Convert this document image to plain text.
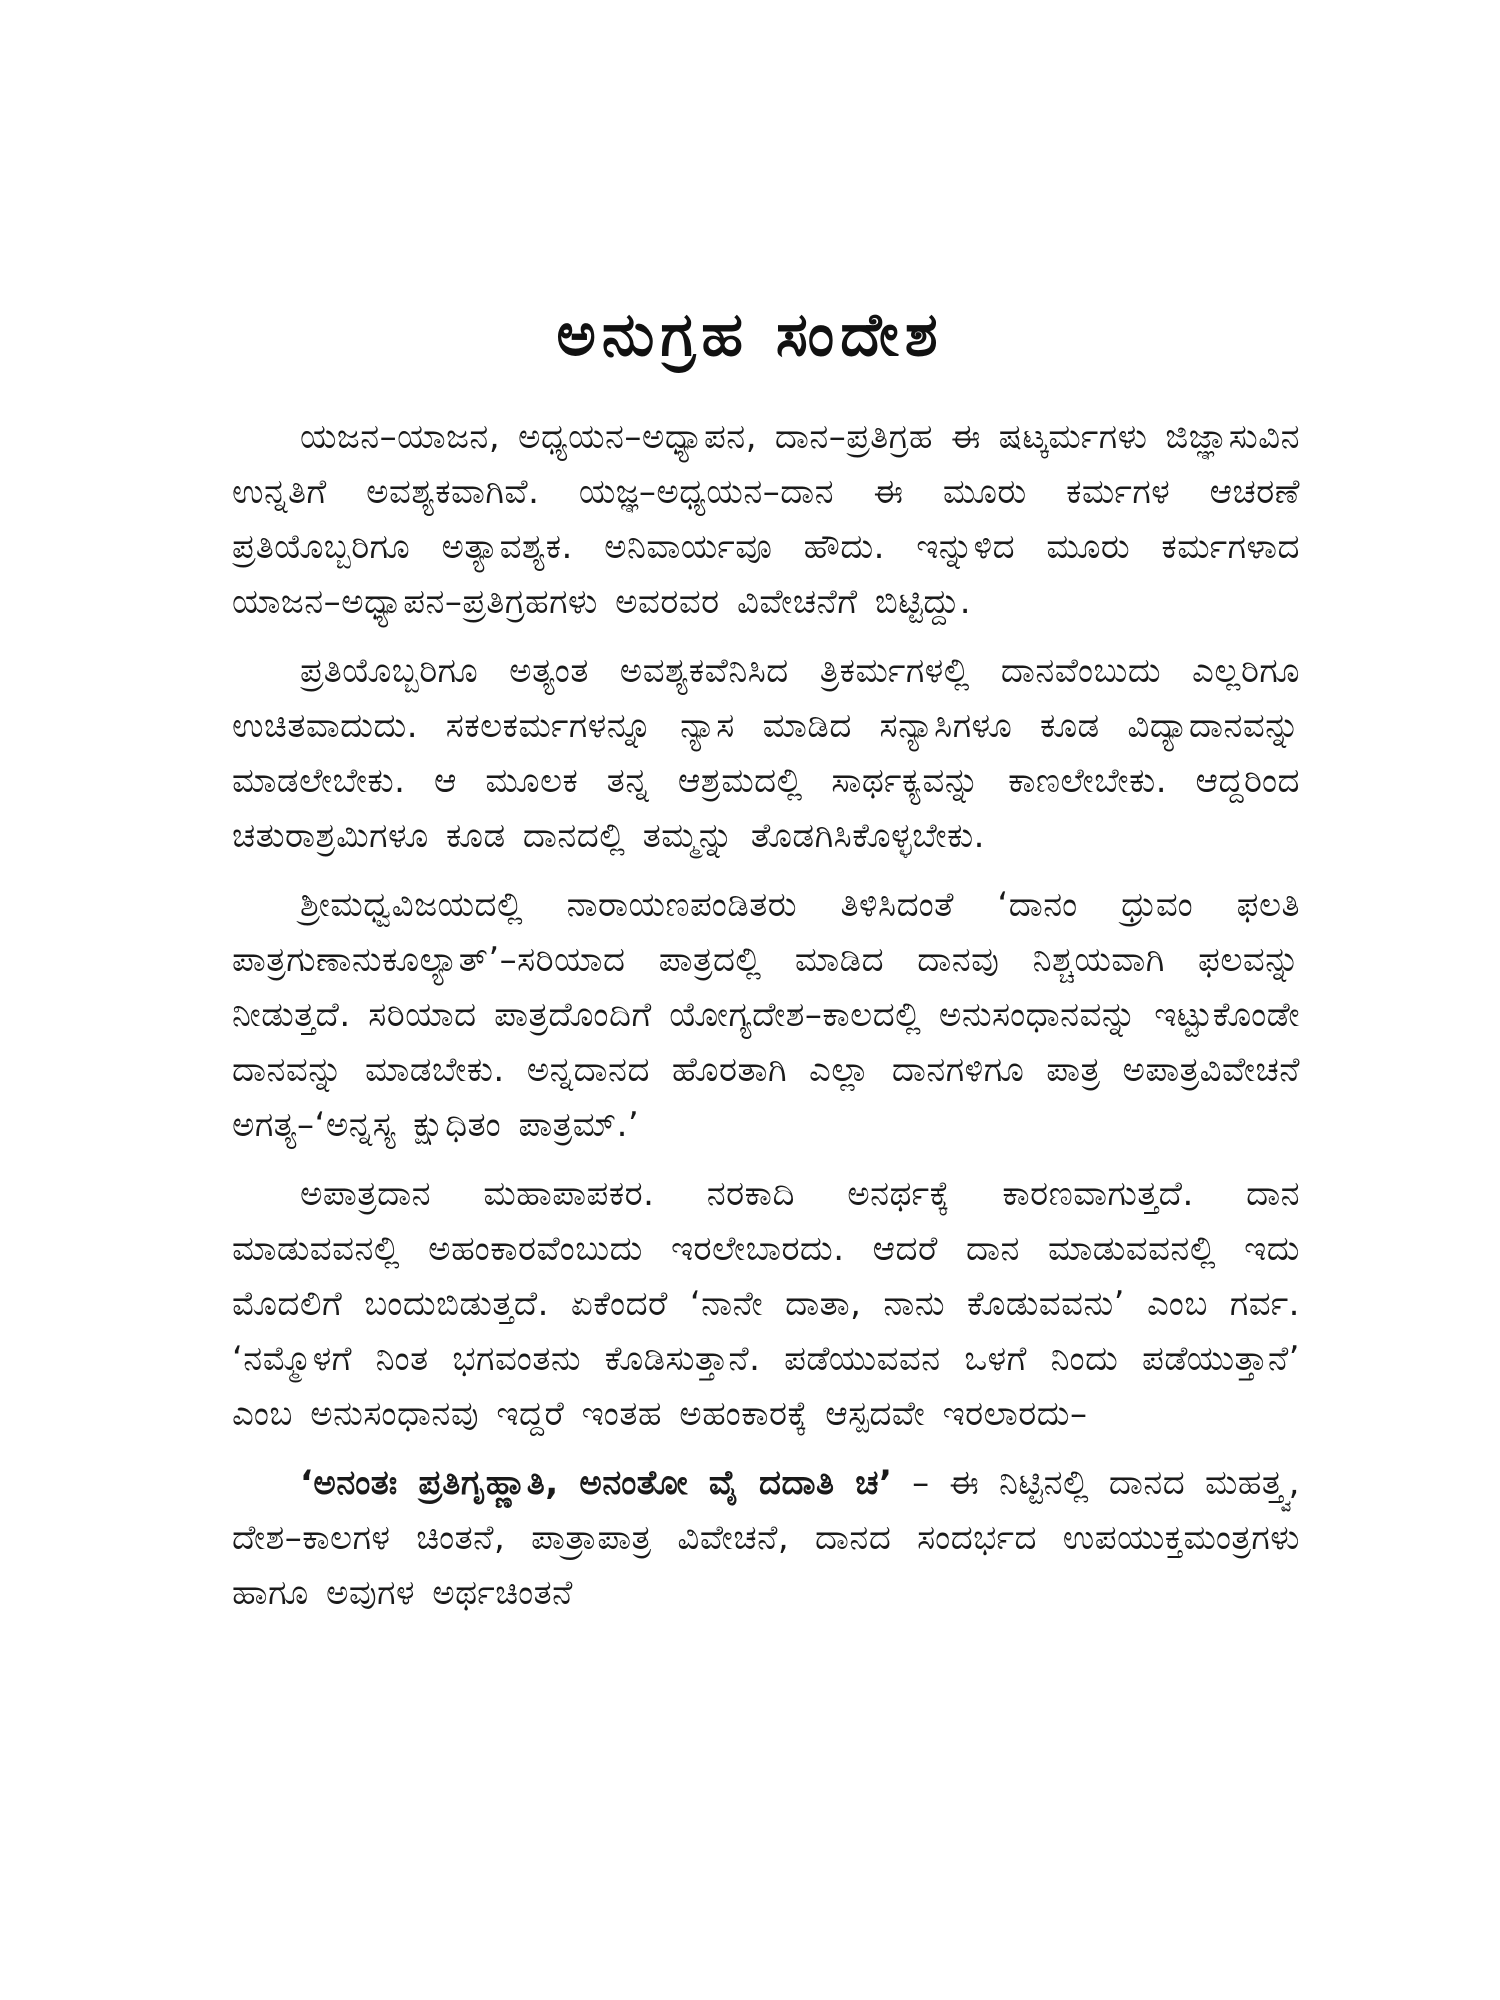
ಅನುಗ್ರಹ ಸಂದೇಶ

ಯಜನ–ಯಾಜನ, ಅಧ್ಯಯನ–ಅಧ್ಯಾಪನ, ದಾನ–ಪ್ರತಿಗ್ರಹ ಈ ಷಟ್ಕರ್ಮಗಳು ಜಿಜ್ಞಾಸುವಿನ ಉನ್ನತಿಗೆ ಅವಶ್ಯಕವಾಗಿವೆ. ಯಜ್ಞ–ಅಧ್ಯಯನ–ದಾನ ಈ ಮೂರು ಕರ್ಮಗಳ ಆಚರಣೆ ಪ್ರತಿಯೊಬ್ಬರಿಗೂ ಅತ್ಯಾವಶ್ಯಕ. ಅನಿವಾರ್ಯವೂ ಹೌದು. ಇನ್ನುಳಿದ ಮೂರು ಕರ್ಮಗಳಾದ ಯಾಜನ–ಅಧ್ಯಾಪನ–ಪ್ರತಿಗ್ರಹಗಳು ಅವರವರ ವಿವೇಚನೆಗೆ ಬಿಟ್ಟಿದ್ದು.

ಪ್ರತಿಯೊಬ್ಬರಿಗೂ ಅತ್ಯಂತ ಅವಶ್ಯಕವೆನಿಸಿದ ತ್ರಿಕರ್ಮಗಳಲ್ಲಿ ದಾನವೆಂಬುದು ಎಲ್ಲರಿಗೂ ಉಚಿತವಾದುದು. ಸಕಲಕರ್ಮಗಳನ್ನೂ ನ್ಯಾಸ ಮಾಡಿದ ಸನ್ಯಾಸಿಗಳೂ ಕೂಡ ವಿದ್ಯಾದಾನವನ್ನು ಮಾಡಲೇಬೇಕು. ಆ ಮೂಲಕ ತನ್ನ ಆಶ್ರಮದಲ್ಲಿ ಸಾರ್ಥಕ್ಯವನ್ನು ಕಾಣಲೇಬೇಕು. ಆದ್ದರಿಂದ ಚತುರಾಶ್ರಮಿಗಳೂ ಕೂಡ ದಾನದಲ್ಲಿ ತಮ್ಮನ್ನು ತೊಡಗಿಸಿಕೊಳ್ಳಬೇಕು.

ಶ್ರೀಮಧ್ವವಿಜಯದಲ್ಲಿ ನಾರಾಯಣಪಂಡಿತರು ತಿಳಿಸಿದಂತೆ ‘ದಾನಂ ಧ್ರುವಂ ಫಲತಿ ಪಾತ್ರಗುಣಾನುಕೂಲ್ಯಾತ್’–ಸರಿಯಾದ ಪಾತ್ರದಲ್ಲಿ ಮಾಡಿದ ದಾನವು ನಿಶ್ಚಯವಾಗಿ ಫಲವನ್ನು ನೀಡುತ್ತದೆ. ಸರಿಯಾದ ಪಾತ್ರದೊಂದಿಗೆ ಯೋಗ್ಯದೇಶ–ಕಾಲದಲ್ಲಿ ಅನುಸಂಧಾನವನ್ನು ಇಟ್ಟುಕೊಂಡೇ ದಾನವನ್ನು ಮಾಡಬೇಕು. ಅನ್ನದಾನದ ಹೊರತಾಗಿ ಎಲ್ಲಾ ದಾನಗಳಿಗೂ ಪಾತ್ರ ಅಪಾತ್ರವಿವೇಚನೆ ಅಗತ್ಯ–‘ಅನ್ನಸ್ಯ ಕ್ಷುಧಿತಂ ಪಾತ್ರಮ್.’

ಅಪಾತ್ರದಾನ ಮಹಾಪಾಪಕರ. ನರಕಾದಿ ಅನರ್ಥಕ್ಕೆ ಕಾರಣವಾಗುತ್ತದೆ. ದಾನ ಮಾಡುವವನಲ್ಲಿ ಅಹಂಕಾರವೆಂಬುದು ಇರಲೇಬಾರದು. ಆದರೆ ದಾನ ಮಾಡುವವನಲ್ಲಿ ಇದು ಮೊದಲಿಗೆ ಬಂದುಬಿಡುತ್ತದೆ. ಏಕೆಂದರೆ ‘ನಾನೇ ದಾತಾ, ನಾನು ಕೊಡುವವನು’ ಎಂಬ ಗರ್ವ. ‘ನಮ್ಮೊಳಗೆ ನಿಂತ ಭಗವಂತನು ಕೊಡಿಸುತ್ತಾನೆ. ಪಡೆಯುವವನ ಒಳಗೆ ನಿಂದು ಪಡೆಯುತ್ತಾನೆ’ ಎಂಬ ಅನುಸಂಧಾನವು ಇದ್ದರೆ ಇಂತಹ ಅಹಂಕಾರಕ್ಕೆ ಆಸ್ಪದವೇ ಇರಲಾರದು–

‘ಅನಂತಃ ಪ್ರತಿಗೃಹ್ಣಾತಿ, ಅನಂತೋ ವೈ ದದಾತಿ ಚ’ – ಈ ನಿಟ್ಟಿನಲ್ಲಿ ದಾನದ ಮಹತ್ತ್ವ, ದೇಶ–ಕಾಲಗಳ ಚಿಂತನೆ, ಪಾತ್ರಾಪಾತ್ರ ವಿವೇಚನೆ, ದಾನದ ಸಂದರ್ಭದ ಉಪಯುಕ್ತಮಂತ್ರಗಳು ಹಾಗೂ ಅವುಗಳ ಅರ್ಥಚಿಂತನೆ
